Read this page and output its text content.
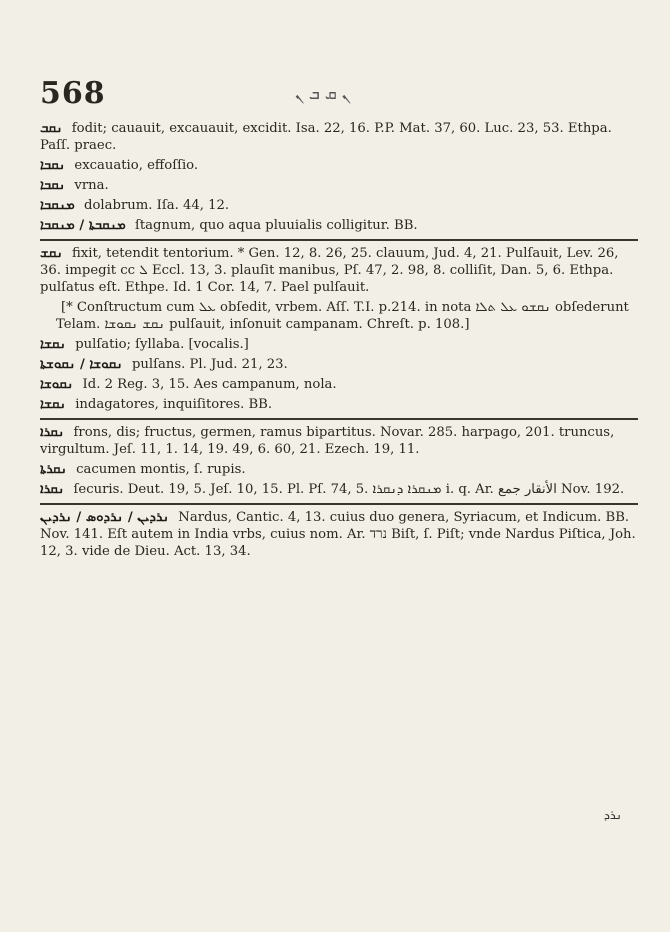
568	ܢ ܩ ܒ ܢ
ܢܩܒ fodit; cauauit, excauauit, excidit. Isa. 22, 16. P.P. Mat. 37, 60. Luc. 23, 53. Ethpa. Paſſ. praec.
ܢܩܒܐ excauatio, effoſſio.
ܢܩܒܐ vrna.
ܡܢܩܒܐ dolabrum. Iſa. 44, 12.
ܡܢܩܒܬܐ / ܡܢܩܒܐ ſtagnum, quo aqua pluuialis colligitur. BB.
ܢܩܫ fixit, tetendit tentorium. * Gen. 12, 8. 26, 25. clauum, Jud. 4, 21. Pulſauit, Lev. 26, 36. impegit cc ܠ Eccl. 13, 3. plauſit manibus, Pſ. 47, 2. 98, 8. colliſit, Dan. 5, 6. Ethpa. pulſatus eſt. Ethpe. Id. 1 Cor. 14, 7. Pael pulſauit.
[* Conſtructum cum ܥܠ obſedit, vrbem. Aſſ. T.I. p.214. in nota ܢܩܫܘ ܥܠ ܬܠܐ obſederunt Telam. ܢܩܫ ܢܩܘܫܐ pulſauit, inſonuit campanam. Chreſt. p. 108.]
ܢܩܫܐ pulſatio; ſyllaba. [vocalis.]
ܢܩܘܫܐ / ܢܩܘܫܬܐ pulſans. Pl. Jud. 21, 23.
ܢܩܘܫܐ Id. 2 Reg. 3, 15. Aes campanum, nola.
ܢܩܫܐ indagatores, inquiſitores. BB.
ܢܩܪܐ frons, dis; fructus, germen, ramus bipartitus. Novar. 285. harpago, 201. truncus, virgultum. Jeſ. 11, 1. 14, 19. 49, 6. 60, 21. Ezech. 19, 11.
ܢܩܪܬܐ cacumen montis, ſ. rupis.
ܢܩܪܐ ſecuris. Deut. 19, 5. Jeſ. 10, 15. Pl. Pſ. 74, 5. ܡܢܩܪܐ ܕܢܩܪܐ i. q. Ar. الأنقار جمع Nov. 192.
ܢܪܕܝܢ / ܢܪܕܘܣ / ܢܪܕܝܢ Nardus, Cantic. 4, 13. cuius duo genera, Syriacum, et Indicum. BB. Nov. 141. Eſt autem in India vrbs, cuius nom. Ar. נרד Biſt, ſ. Piſt; vnde Nardus Piſtica, Joh. 12, 3. vide de Dieu. Act. 13, 34.
ܢܪܕ
